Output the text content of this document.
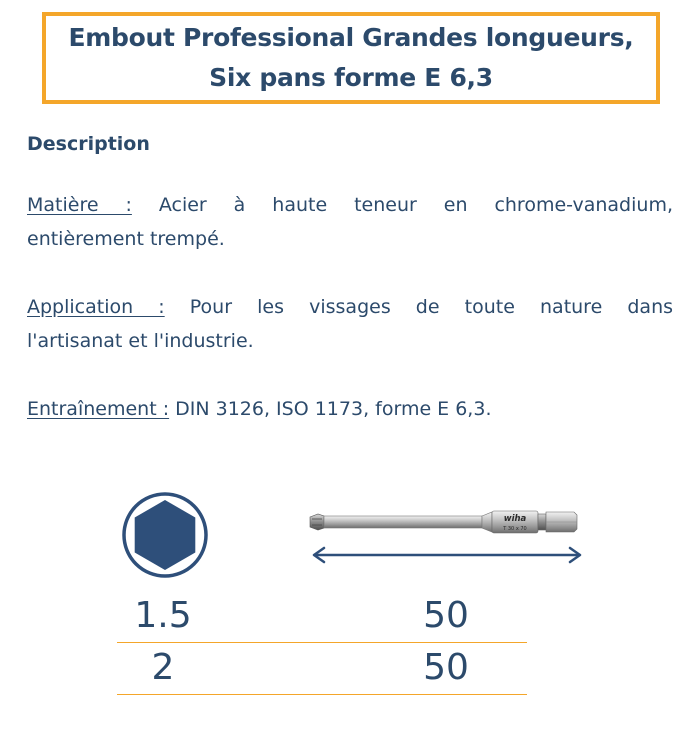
Embout Professional Grandes longueurs,
Six pans forme E 6,3
Description
Matière : Acier à haute teneur en chrome-vanadium,
entièrement trempé.
Application : Pour les vissages de toute nature dans
l'artisanat et l'industrie.
Entraînement : DIN 3126, ISO 1173, forme E 6,3.
wiha
T 30 x 70
1.5	50
2	50
